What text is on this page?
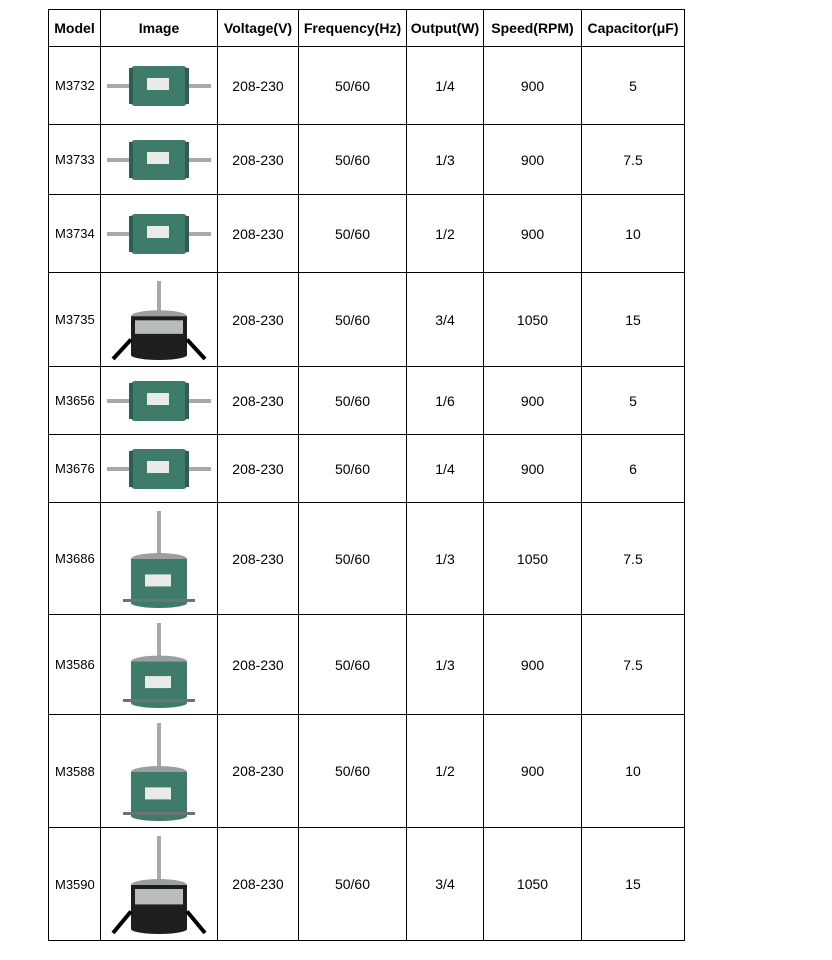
Model	Image	Voltage(V)	Frequency(Hz)	Output(W)	Speed(RPM)	Capacitor(μF)
M3732		208-230	50/60	1/4	900	5
M3733		208-230	50/60	1/3	900	7.5
M3734		208-230	50/60	1/2	900	10
M3735		208-230	50/60	3/4	1050	15
M3656		208-230	50/60	1/6	900	5
M3676		208-230	50/60	1/4	900	6
M3686		208-230	50/60	1/3	1050	7.5
M3586		208-230	50/60	1/3	900	7.5
M3588		208-230	50/60	1/2	900	10
M3590		208-230	50/60	3/4	1050	15
